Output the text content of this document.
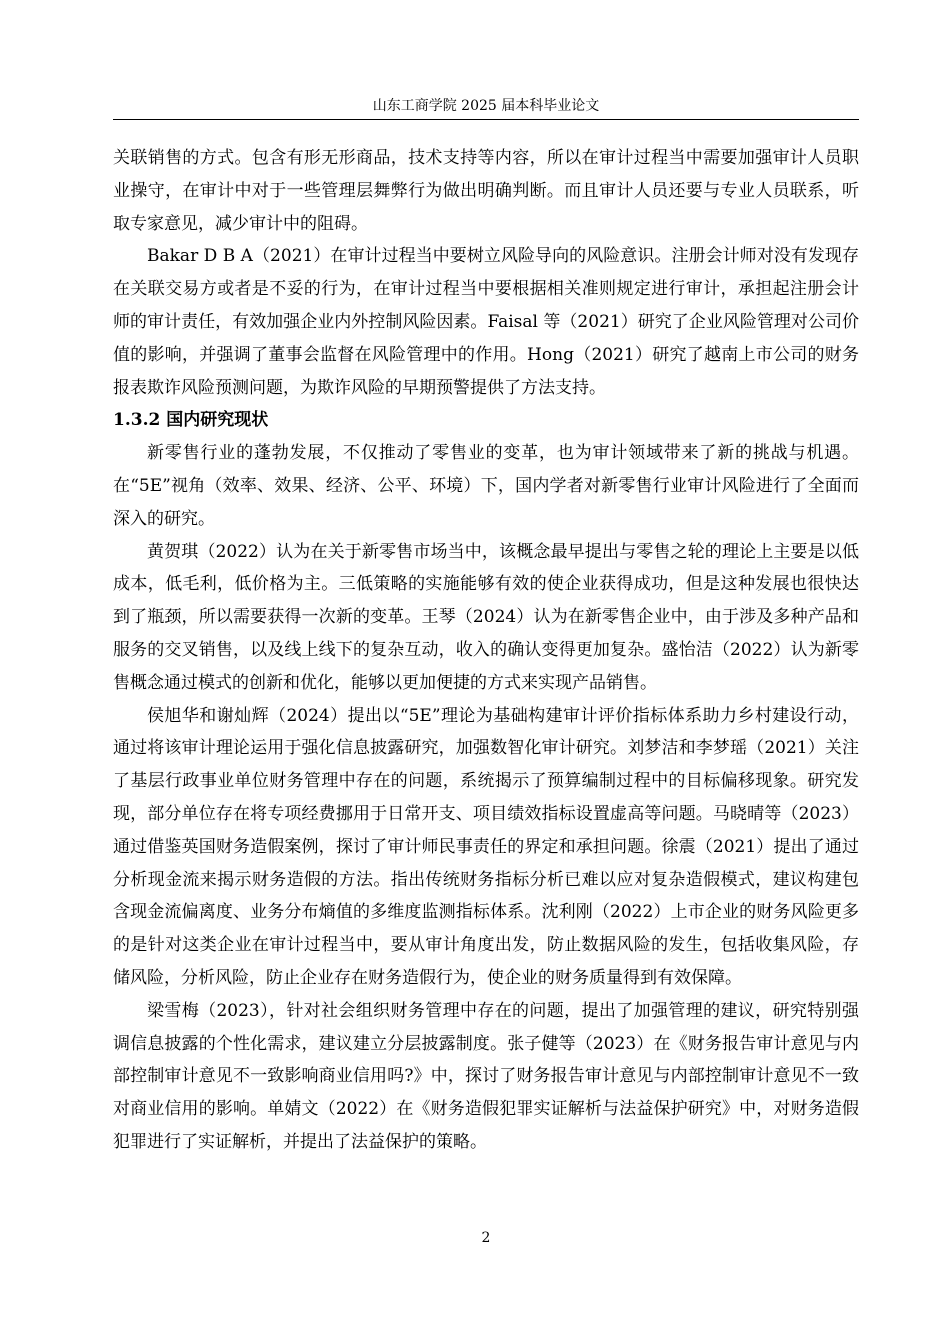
山东工商学院 2025 届本科毕业论文

关联销售的方式。包含有形无形商品，技术支持等内容，所以在审计过程当中需要加强审计人员职业操守，在审计中对于一些管理层舞弊行为做出明确判断。而且审计人员还要与专业人员联系，听取专家意见，减少审计中的阻碍。

Bakar D B A（2021）在审计过程当中要树立风险导向的风险意识。注册会计师对没有发现存在关联交易方或者是不妥的行为，在审计过程当中要根据相关准则规定进行审计，承担起注册会计师的审计责任，有效加强企业内外控制风险因素。Faisal 等（2021）研究了企业风险管理对公司价值的影响，并强调了董事会监督在风险管理中的作用。Hong（2021）研究了越南上市公司的财务报表欺诈风险预测问题，为欺诈风险的早期预警提供了方法支持。

1.3.2 国内研究现状

新零售行业的蓬勃发展，不仅推动了零售业的变革，也为审计领域带来了新的挑战与机遇。在“5E”视角（效率、效果、经济、公平、环境）下，国内学者对新零售行业审计风险进行了全面而深入的研究。

黄贺琪（2022）认为在关于新零售市场当中，该概念最早提出与零售之轮的理论上主要是以低成本，低毛利，低价格为主。三低策略的实施能够有效的使企业获得成功，但是这种发展也很快达到了瓶颈，所以需要获得一次新的变革。王琴（2024）认为在新零售企业中，由于涉及多种产品和服务的交叉销售，以及线上线下的复杂互动，收入的确认变得更加复杂。盛怡洁（2022）认为新零售概念通过模式的创新和优化，能够以更加便捷的方式来实现产品销售。

侯旭华和谢灿辉（2024）提出以“5E”理论为基础构建审计评价指标体系助力乡村建设行动，通过将该审计理论运用于强化信息披露研究，加强数智化审计研究。刘梦洁和李梦瑶（2021）关注了基层行政事业单位财务管理中存在的问题，系统揭示了预算编制过程中的目标偏移现象。研究发现，部分单位存在将专项经费挪用于日常开支、项目绩效指标设置虚高等问题。马晓晴等（2023）通过借鉴英国财务造假案例，探讨了审计师民事责任的界定和承担问题。徐震（2021）提出了通过分析现金流来揭示财务造假的方法。指出传统财务指标分析已难以应对复杂造假模式，建议构建包含现金流偏离度、业务分布熵值的多维度监测指标体系。沈利刚（2022）上市企业的财务风险更多的是针对这类企业在审计过程当中，要从审计角度出发，防止数据风险的发生，包括收集风险，存储风险，分析风险，防止企业存在财务造假行为，使企业的财务质量得到有效保障。

梁雪梅（2023），针对社会组织财务管理中存在的问题，提出了加强管理的建议，研究特别强调信息披露的个性化需求，建议建立分层披露制度。张子健等（2023）在《财务报告审计意见与内部控制审计意见不一致影响商业信用吗?》中，探讨了财务报告审计意见与内部控制审计意见不一致对商业信用的影响。单婧文（2022）在《财务造假犯罪实证解析与法益保护研究》中，对财务造假犯罪进行了实证解析，并提出了法益保护的策略。

2
